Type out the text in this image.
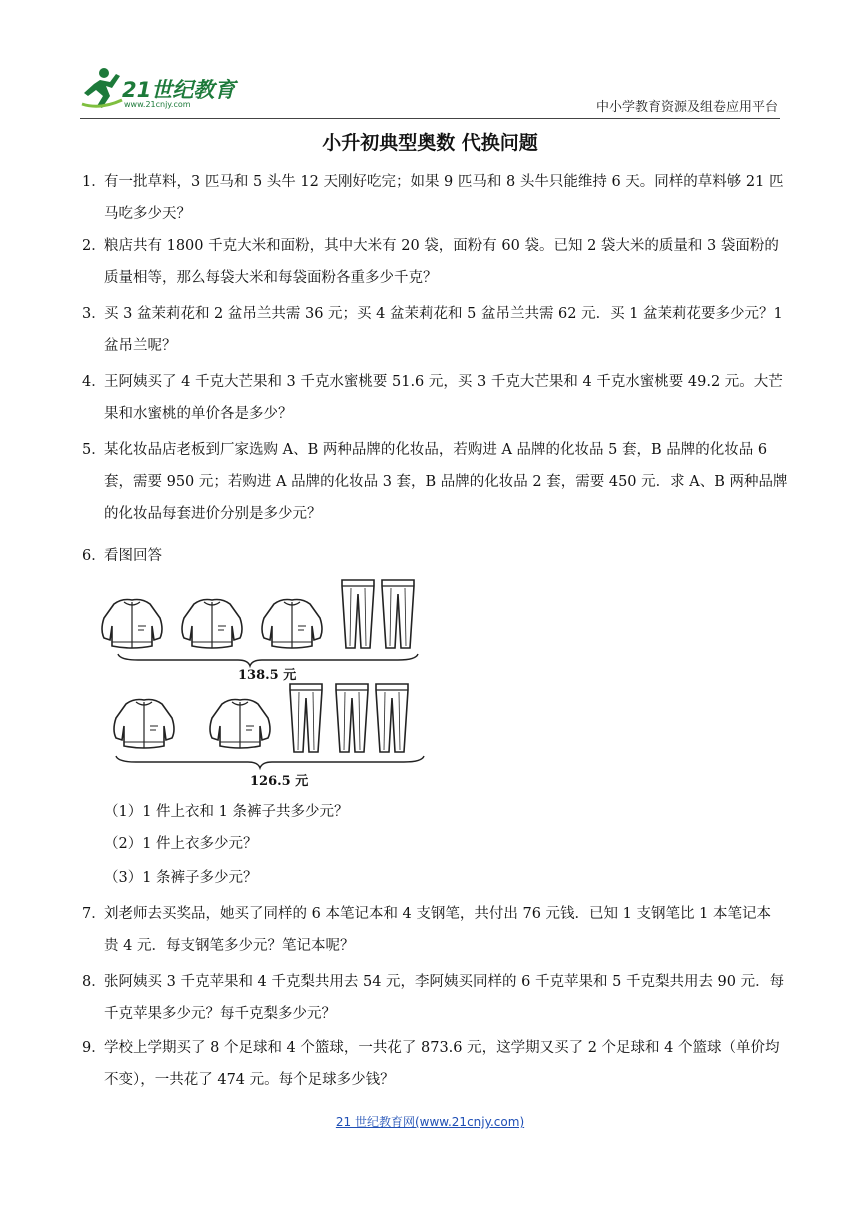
21世纪教育
www.21cnjy.com	中小学教育资源及组卷应用平台
小升初典型奥数 代换问题
1．
有一批草料，3 匹马和 5 头牛 12 天刚好吃完；如果 9 匹马和 8 头牛只能维持 6 天。同样的草料够 21 匹
马吃多少天？
2．
粮店共有 1800 千克大米和面粉，其中大米有 20 袋，面粉有 60 袋。已知 2 袋大米的质量和 3 袋面粉的
质量相等，那么每袋大米和每袋面粉各重多少千克？
3．
买 3 盆茉莉花和 2 盆吊兰共需 36 元；买 4 盆茉莉花和 5 盆吊兰共需 62 元．买 1 盆茉莉花要多少元？1
盆吊兰呢？
4．
王阿姨买了 4 千克大芒果和 3 千克水蜜桃要 51.6 元，买 3 千克大芒果和 4 千克水蜜桃要 49.2 元。大芒
果和水蜜桃的单价各是多少？
5．
某化妆品店老板到厂家选购 A、B 两种品牌的化妆品，若购进 A 品牌的化妆品 5 套，B 品牌的化妆品 6
套，需要 950 元；若购进 A 品牌的化妆品 3 套，B 品牌的化妆品 2 套，需要 450 元．求 A、B 两种品牌
的化妆品每套进价分别是多少元？
6．
看图回答
138.5 元
126.5 元
（1）1 件上衣和 1 条裤子共多少元？
（2）1 件上衣多少元？
（3）1 条裤子多少元？
7．
刘老师去买奖品，她买了同样的 6 本笔记本和 4 支钢笔，共付出 76 元钱．已知 1 支钢笔比 1 本笔记本
贵 4 元．每支钢笔多少元？笔记本呢？
8．
张阿姨买 3 千克苹果和 4 千克梨共用去 54 元，李阿姨买同样的 6 千克苹果和 5 千克梨共用去 90 元．每
千克苹果多少元？每千克梨多少元？
9．
学校上学期买了 8 个足球和 4 个篮球，一共花了 873.6 元，这学期又买了 2 个足球和 4 个篮球（单价均
不变），一共花了 474 元。每个足球多少钱？
21 世纪教育网(www.21cnjy.com)
